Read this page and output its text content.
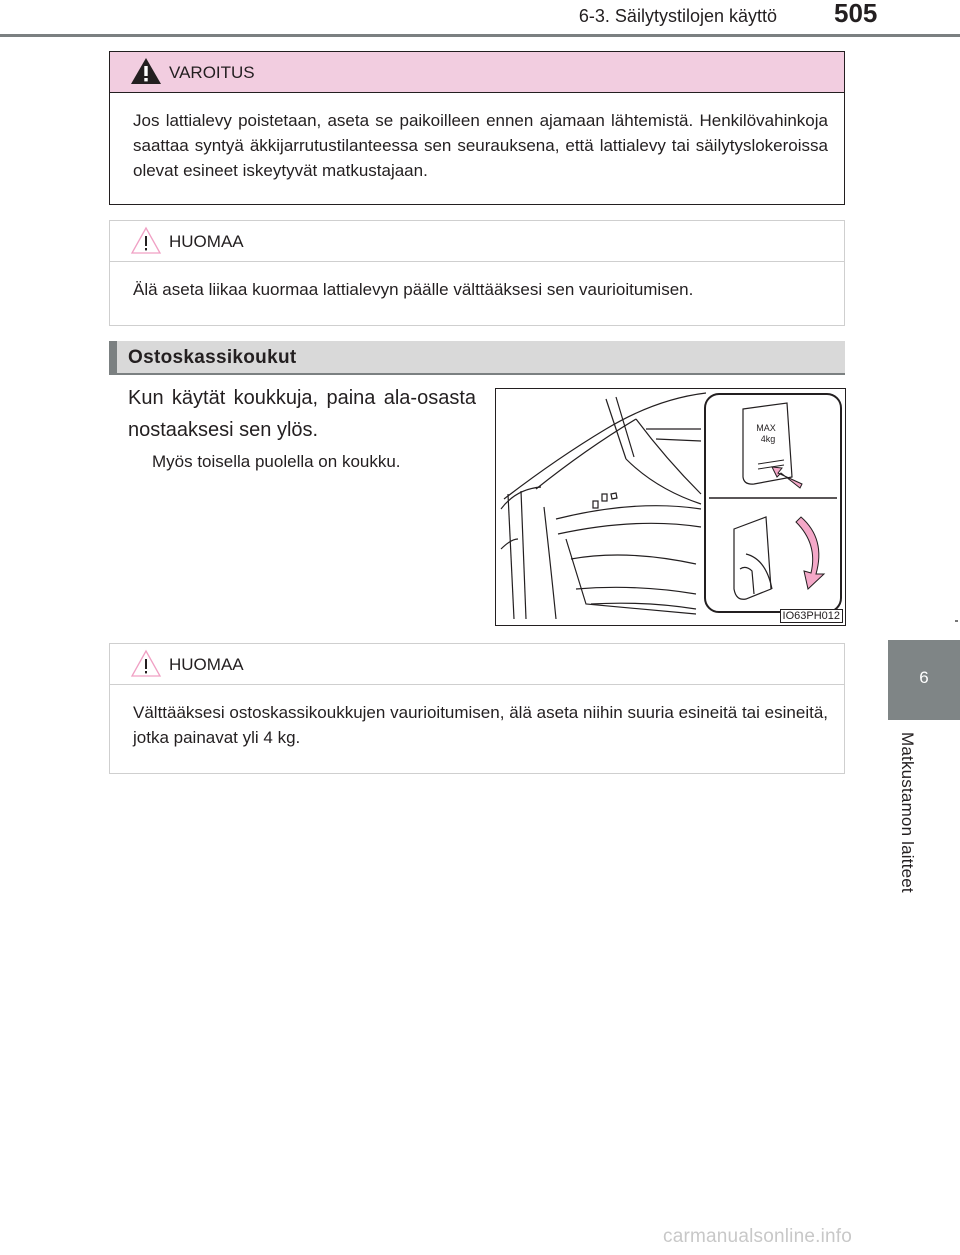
6-3. Säilytystilojen käyttö 505
6
Matkustamon laitteet
VAROITUS
Jos lattialevy poistetaan, aseta se paikoilleen ennen ajamaan lähtemistä. Henkilövahinkoja saattaa syntyä äkkijarrutustilanteessa sen seurauksena, että lattialevy tai säilytyslokeroissa olevat esineet iskeytyvät matkustajaan.
HUOMAA
Älä aseta liikaa kuormaa lattialevyn päälle välttääksesi sen vaurioitumisen.
Ostoskassikoukut
Kun käytät koukkuja, paina ala-osasta nostaaksesi sen ylös.
Myös toisella puolella on koukku.
MAX
4kg
IO63PH012
HUOMAA
Välttääksesi ostoskassikoukkujen vaurioitumisen, älä aseta niihin suuria esineitä tai esineitä, jotka painavat yli 4 kg.
carmanualsonline.info
